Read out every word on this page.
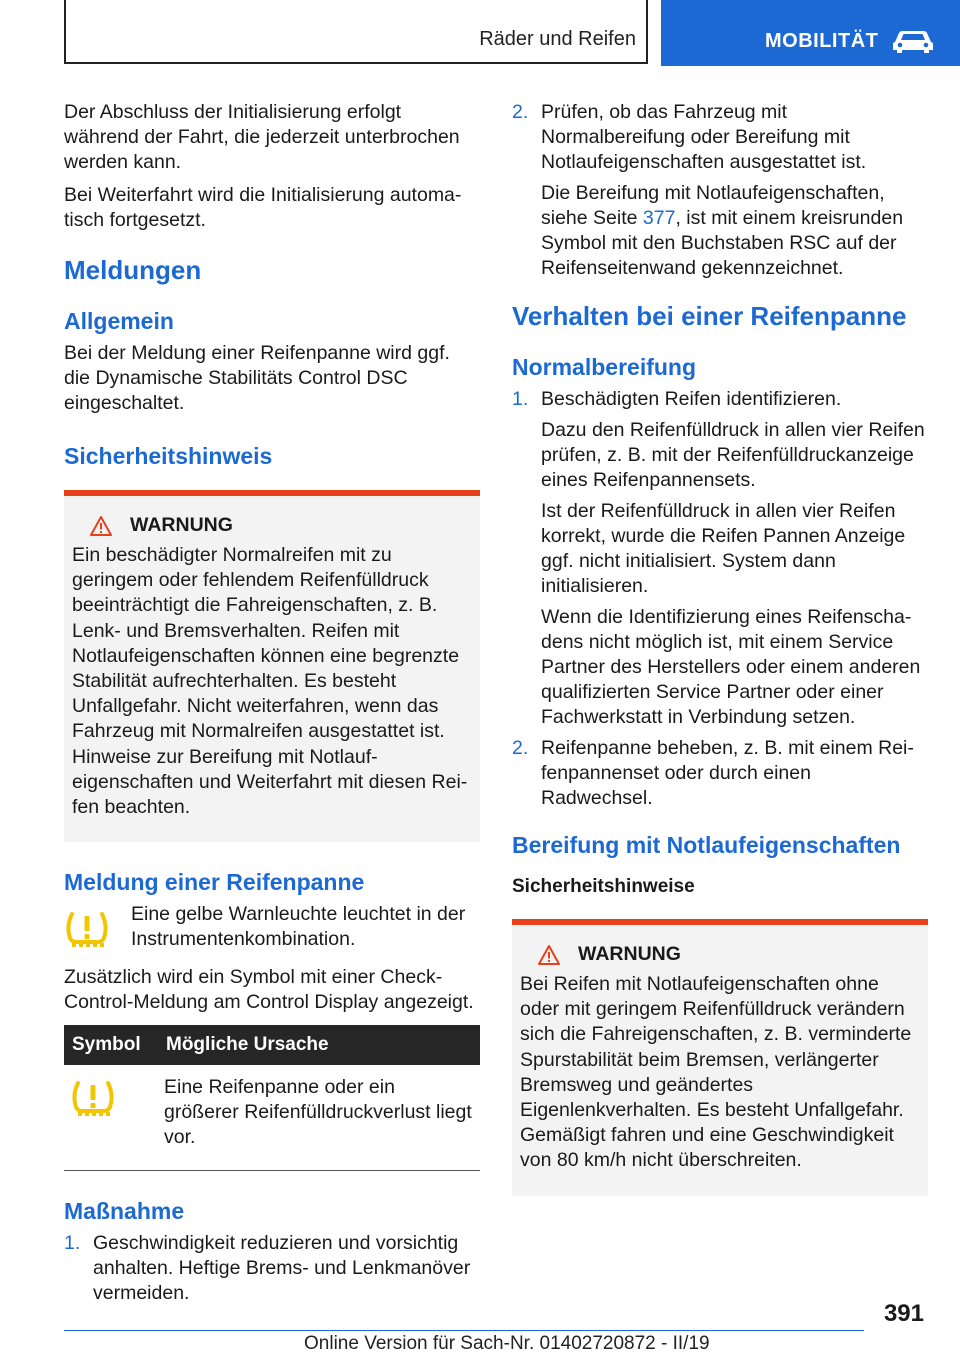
Räder und Reifen	MOBILITÄT

Der Abschluss der Initialisierung erfolgt während der Fahrt, die jederzeit unterbrochen werden kann.

Bei Weiterfahrt wird die Initialisierung automatisch fortgesetzt.

Meldungen
Allgemein

Bei der Meldung einer Reifenpanne wird ggf. die Dynamische Stabilitäts Control DSC eingeschaltet.

Sicherheitshinweis
WARNUNG

Ein beschädigter Normalreifen mit zu geringem oder fehlendem Reifenfülldruck beeinträchtigt die Fahreigenschaften, z. B. Lenk- und Bremsverhalten. Reifen mit Notlaufeigenschaften können eine begrenzte Stabilität aufrechterhalten. Es besteht Unfallgefahr. Nicht weiterfahren, wenn das Fahrzeug mit Normalreifen ausgestattet ist. Hinweise zur Bereifung mit Notlaufeigenschaften und Weiterfahrt mit diesen Reifen beachten.

Meldung einer Reifenpanne

Eine gelbe Warnleuchte leuchtet in der Instrumentenkombination.

Zusätzlich wird ein Symbol mit einer Check-Control-Meldung am Control Display angezeigt.

Symbol	Mögliche Ursache
	Eine Reifenpanne oder ein größerer Reifenfülldruckverlust liegt vor.
Maßnahme
1. Geschwindigkeit reduzieren und vorsichtig anhalten. Heftige Brems- und Lenkmanöver vermeiden.

2. Prüfen, ob das Fahrzeug mit Normalbereifung oder Bereifung mit Notlaufeigenschaften ausgestattet ist.

Die Bereifung mit Notlaufeigenschaften, siehe Seite 377, ist mit einem kreisrunden Symbol mit den Buchstaben RSC auf der Reifenseitenwand gekennzeichnet.

Verhalten bei einer Reifenpanne
Normalbereifung
1. Beschädigten Reifen identifizieren.

Dazu den Reifenfülldruck in allen vier Reifen prüfen, z. B. mit der Reifenfülldruckanzeige eines Reifenpannensets.

Ist der Reifenfülldruck in allen vier Reifen korrekt, wurde die Reifen Pannen Anzeige ggf. nicht initialisiert. System dann initialisieren.

Wenn die Identifizierung eines Reifenschadens nicht möglich ist, mit einem Service Partner des Herstellers oder einem anderen qualifizierten Service Partner oder einer Fachwerkstatt in Verbindung setzen.

2. Reifenpanne beheben, z. B. mit einem Reifenpannenset oder durch einen Radwechsel.

Bereifung mit Notlaufeigenschaften
Sicherheitshinweise
WARNUNG

Bei Reifen mit Notlaufeigenschaften ohne oder mit geringem Reifenfülldruck verändern sich die Fahreigenschaften, z. B. verminderte Spurstabilität beim Bremsen, verlängerter Bremsweg und geändertes Eigenlenkverhalten. Es besteht Unfallgefahr. Gemäßigt fahren und eine Geschwindigkeit von 80 km/h nicht überschreiten.

391
Online Version für Sach-Nr. 01402720872 - II/19
